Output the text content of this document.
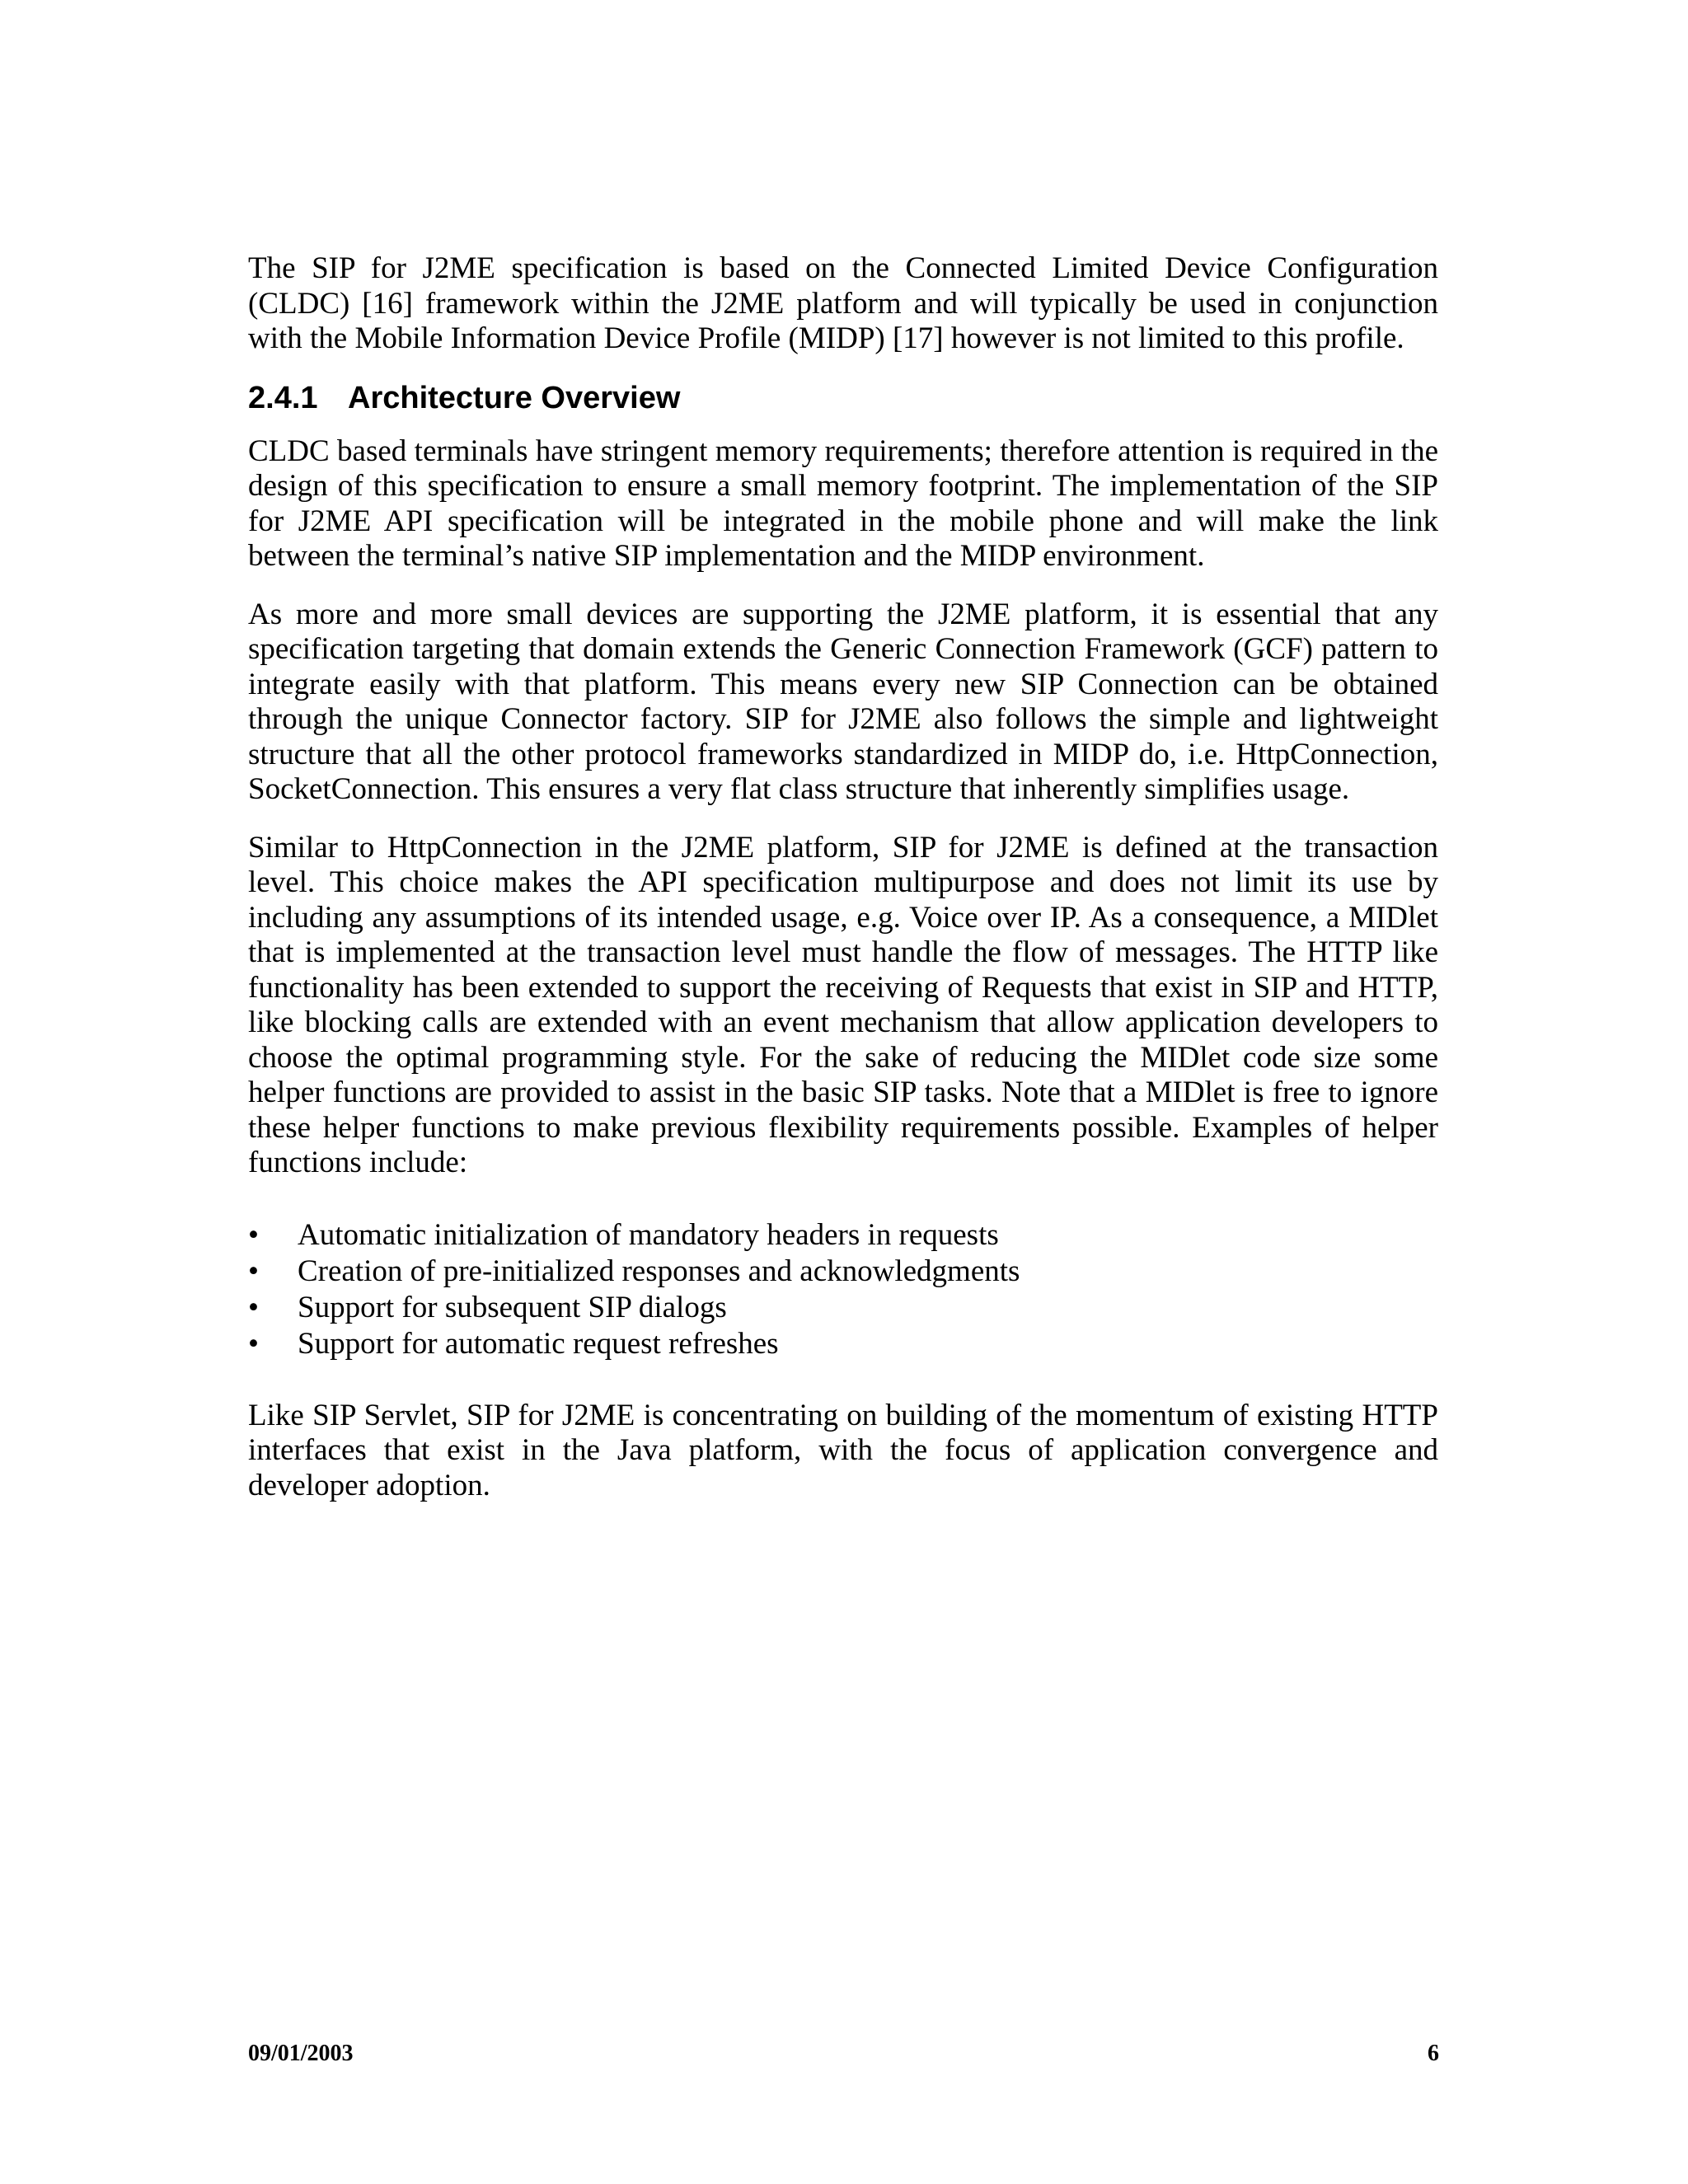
The SIP for J2ME specification is based on the Connected Limited Device Configuration (CLDC) [16] framework within the J2ME platform and will typically be used in conjunction with the Mobile Information Device Profile (MIDP) [17] however is not limited to this profile.

2.4.1 Architecture Overview

CLDC based terminals have stringent memory requirements; therefore attention is required in the design of this specification to ensure a small memory footprint. The implementation of the SIP for J2ME API specification will be integrated in the mobile phone and will make the link between the terminal’s native SIP implementation and the MIDP environment.

As more and more small devices are supporting the J2ME platform, it is essential that any specification targeting that domain extends the Generic Connection Framework (GCF) pattern to integrate easily with that platform. This means every new SIP Connection can be obtained through the unique Connector factory. SIP for J2ME also follows the simple and lightweight structure that all the other protocol frameworks standardized in MIDP do, i.e. HttpConnection, SocketConnection. This ensures a very flat class structure that inherently simplifies usage.

Similar to HttpConnection in the J2ME platform, SIP for J2ME is defined at the transaction level. This choice makes the API specification multipurpose and does not limit its use by including any assumptions of its intended usage, e.g. Voice over IP. As a consequence, a MIDlet that is implemented at the transaction level must handle the flow of messages. The HTTP like functionality has been extended to support the receiving of Requests that exist in SIP and HTTP, like blocking calls are extended with an event mechanism that allow application developers to choose the optimal programming style. For the sake of reducing the MIDlet code size some helper functions are provided to assist in the basic SIP tasks. Note that a MIDlet is free to ignore these helper functions to make previous flexibility requirements possible. Examples of helper functions include:

•	Automatic initialization of mandatory headers in requests
•	Creation of pre-initialized responses and acknowledgments
•	Support for subsequent SIP dialogs
•	Support for automatic request refreshes

Like SIP Servlet, SIP for J2ME is concentrating on building of the momentum of existing HTTP interfaces that exist in the Java platform, with the focus of application convergence and developer adoption.

09/01/2003	6
